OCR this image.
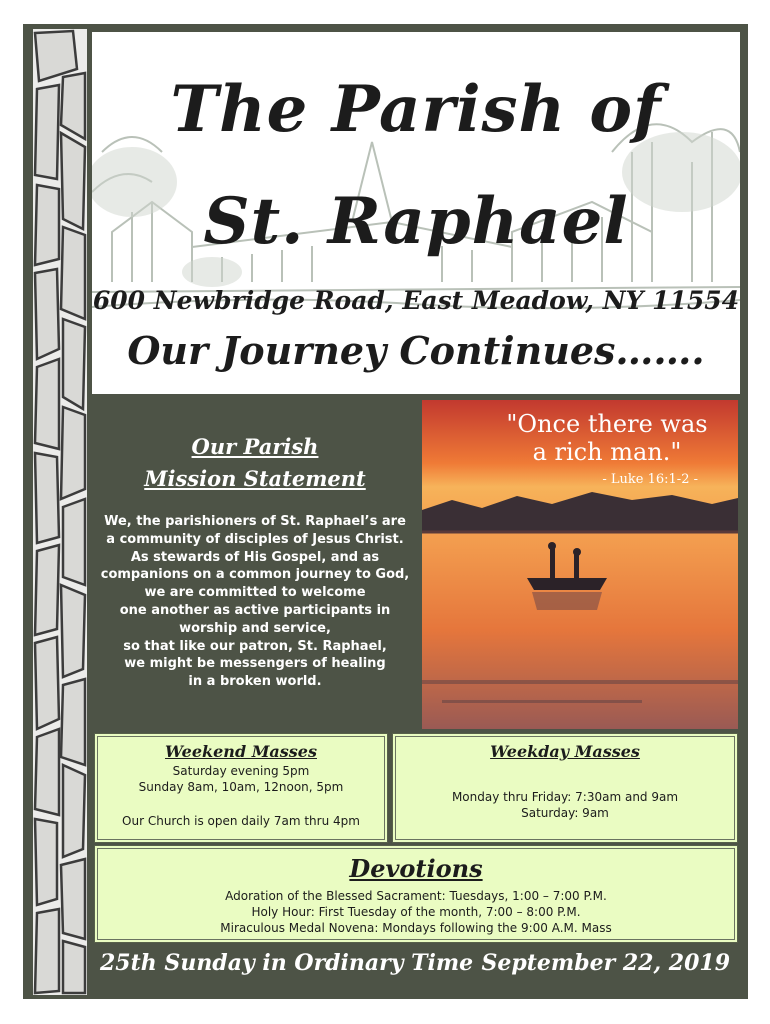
The Parish of
St. Raphael
600 Newbridge Road, East Meadow, NY 11554
Our Journey Continues…….
Our Parish
Mission Statement
We, the parishioners of St. Raphael’s are
a community of disciples of Jesus Christ.
As stewards of His Gospel, and as
companions on a common journey to God,
we are committed to welcome
one another as active participants in
worship and service,
so that like our patron, St. Raphael,
we might be messengers of healing
in a broken world.
"Once there was
a rich man."
- Luke 16:1-2 -
Weekend Masses
Saturday evening 5pm
Sunday 8am, 10am, 12noon, 5pm
Our Church is open daily 7am thru 4pm
Weekday Masses
Monday thru Friday: 7:30am and 9am
Saturday: 9am
Devotions
Adoration of the Blessed Sacrament: Tuesdays, 1:00 – 7:00 P.M.
Holy Hour: First Tuesday of the month, 7:00 – 8:00 P.M.
Miraculous Medal Novena: Mondays following the 9:00 A.M. Mass
25th Sunday in Ordinary Time September 22, 2019
